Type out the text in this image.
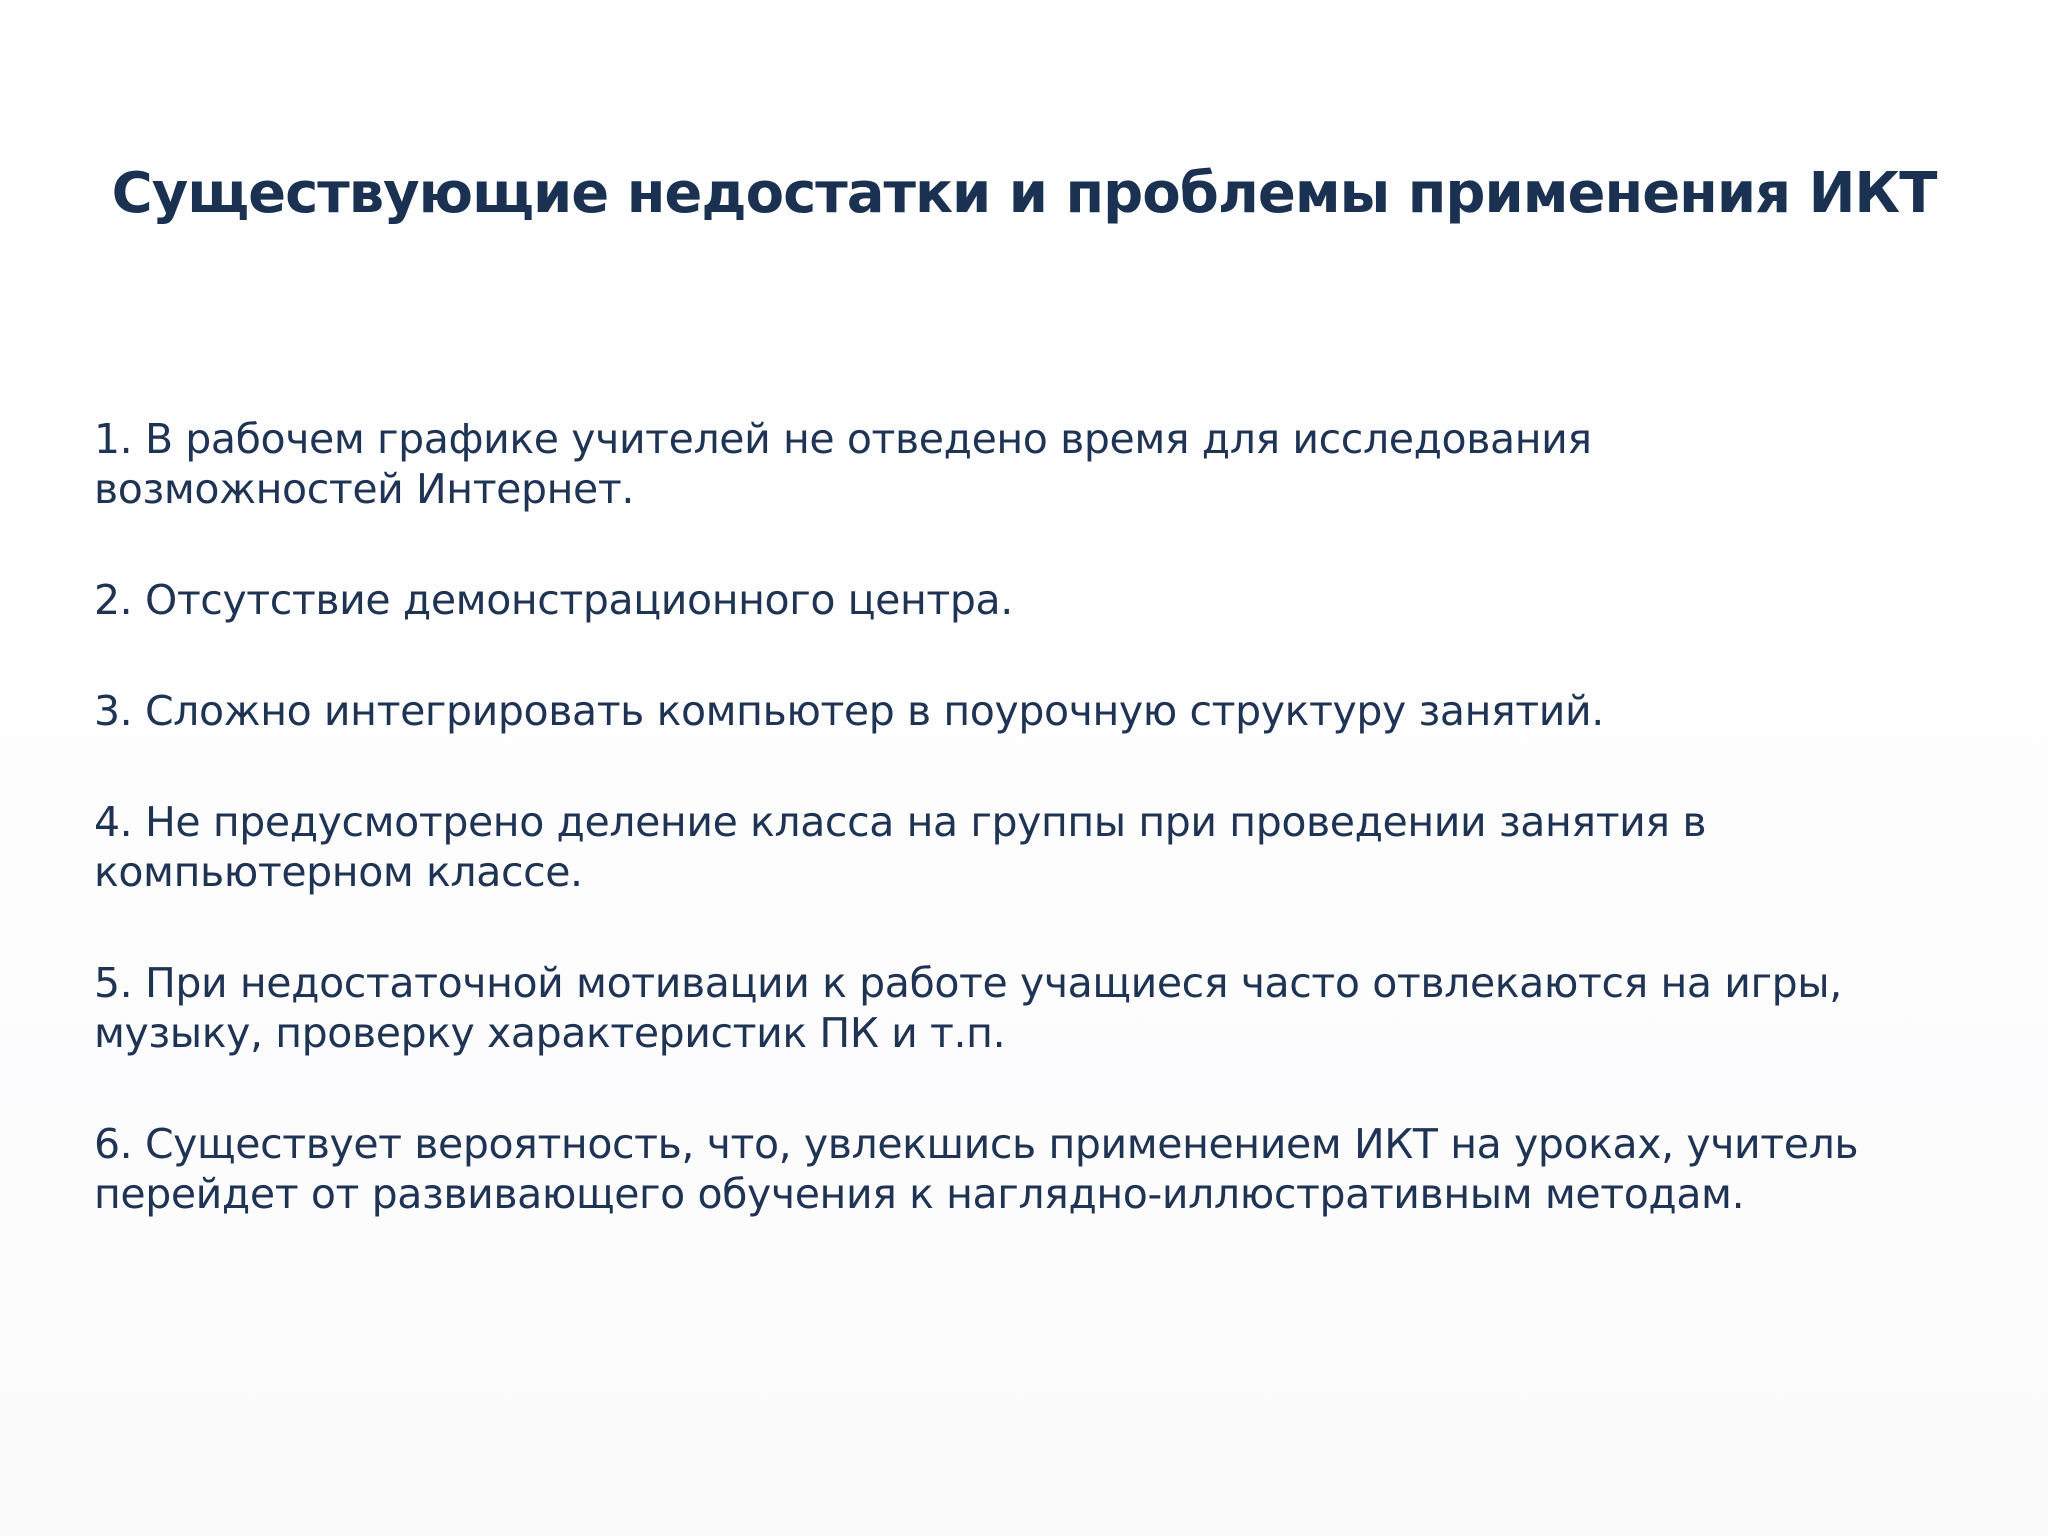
Существующие недостатки и проблемы применения ИКТ
1. В рабочем графике учителей не отведено время для исследования
возможностей Интернет.
2. Отсутствие демонстрационного центра.
3. Сложно интегрировать компьютер в поурочную структуру занятий.
4. Не предусмотрено деление класса на группы при проведении занятия в
компьютерном классе.
5. При недостаточной мотивации к работе учащиеся часто отвлекаются на игры,
музыку, проверку характеристик ПК и т.п.
6. Существует вероятность, что, увлекшись применением ИКТ на уроках, учитель
перейдет от развивающего обучения к наглядно-иллюстративным методам.
